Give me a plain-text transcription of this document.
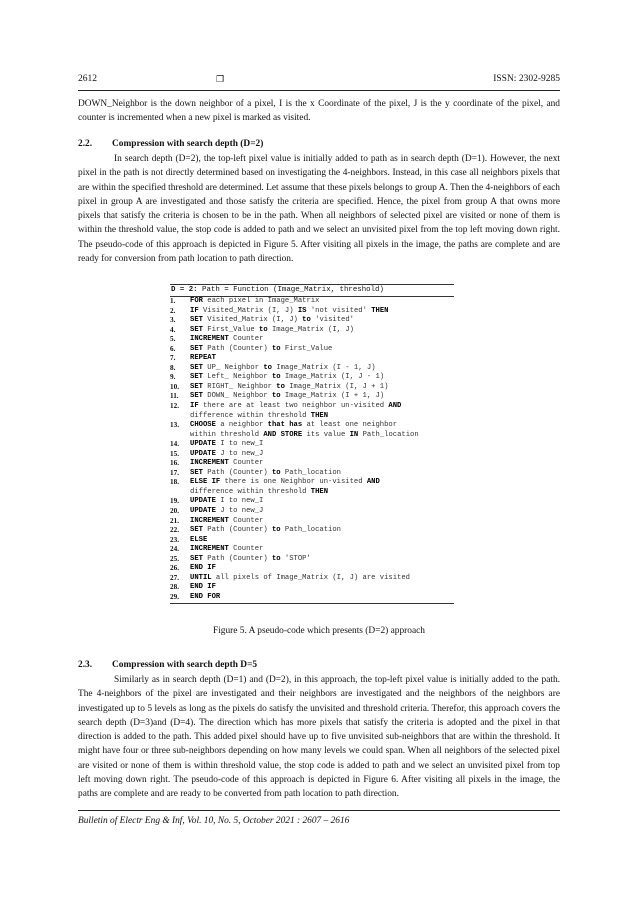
2612	❐	ISSN: 2302-9285

DOWN_Neighbor is the down neighbor of a pixel, I is the x Coordinate of the pixel, J is the y coordinate of the pixel, and counter is incremented when a new pixel is marked as visited.

2.2. Compression with search depth (D=2)

In search depth (D=2), the top-left pixel value is initially added to path as in search depth (D=1). However, the next pixel in the path is not directly determined based on investigating the 4-neighbors. Instead, in this case all neighbors pixels that are within the specified threshold are determined. Let assume that these pixels belongs to group A. Then the 4-neighbors of each pixel in group A are investigated and those satisfy the criteria are specified. Hence, the pixel from group A that owns more pixels that satisfy the criteria is chosen to be in the path. When all neighbors of selected pixel are visited or none of them is within the threshold value, the stop code is added to path and we select an unvisited pixel from the top left moving down right. The pseudo-code of this approach is depicted in Figure 5. After visiting all pixels in the image, the paths are complete and are ready for conversion from path location to path direction.

D = 2: Path = Function (Image_Matrix, threshold)
1.	FOR each pixel in Image_Matrix
2.	IF Visited_Matrix (I, J) IS 'not visited' THEN
3.	SET Visited_Matrix (I, J) to 'visited'
4.	SET First_Value to Image_Matrix (I, J)
5.	INCREMENT Counter
6.	SET Path (Counter) to First_Value
7.	REPEAT
8.	SET UP_ Neighbor to Image_Matrix (I - 1, J)
9.	SET Left_ Neighbor to Image_Matrix (I, J - 1)
10.	SET RIGHT_ Neighbor to Image_Matrix (I, J + 1)
11.	SET DOWN_ Neighbor to Image_Matrix (I + 1, J)
12.	IF there are at least two neighbor un-visited AND
difference within threshold THEN
13.	CHOOSE a neighbor that has at least one neighbor
within threshold AND STORE its value IN Path_location
14.	UPDATE I to new_I
15.	UPDATE J to new_J
16.	INCREMENT Counter
17.	SET Path (Counter) to Path_location
18.	ELSE IF there is one Neighbor un-visited AND
difference within threshold THEN
19.	UPDATE I to new_I
20.	UPDATE J to new_J
21.	INCREMENT Counter
22.	SET Path (Counter) to Path_location
23.	ELSE
24.	INCREMENT Counter
25.	SET Path (Counter) to 'STOP'
26.	END IF
27.	UNTIL all pixels of Image_Matrix (I, J) are visited
28.	END IF
29.	END FOR
Figure 5. A pseudo-code which presents (D=2) approach

2.3. Compression with search depth D=5

Similarly as in search depth (D=1) and (D=2), in this approach, the top-left pixel value is initially added to the path. The 4-neighbors of the pixel are investigated and their neighbors are investigated and the neighbors of the neighbors are investigated up to 5 levels as long as the pixels do satisfy the unvisited and threshold criteria. Therefor, this approach covers the search depth (D=3)and (D=4). The direction which has more pixels that satisfy the criteria is adopted and the pixel in that direction is added to the path. This added pixel should have up to five unvisited sub-neighbors that are within the threshold. It might have four or three sub-neighbors depending on how many levels we could span. When all neighbors of the selected pixel are visited or none of them is within threshold value, the stop code is added to path and we select an unvisited pixel from top left moving down right. The pseudo-code of this approach is depicted in Figure 6. After visiting all pixels in the image, the paths are complete and are ready to be converted from path location to path direction.

Bulletin of Electr Eng & Inf, Vol. 10, No. 5, October 2021 : 2607 – 2616
